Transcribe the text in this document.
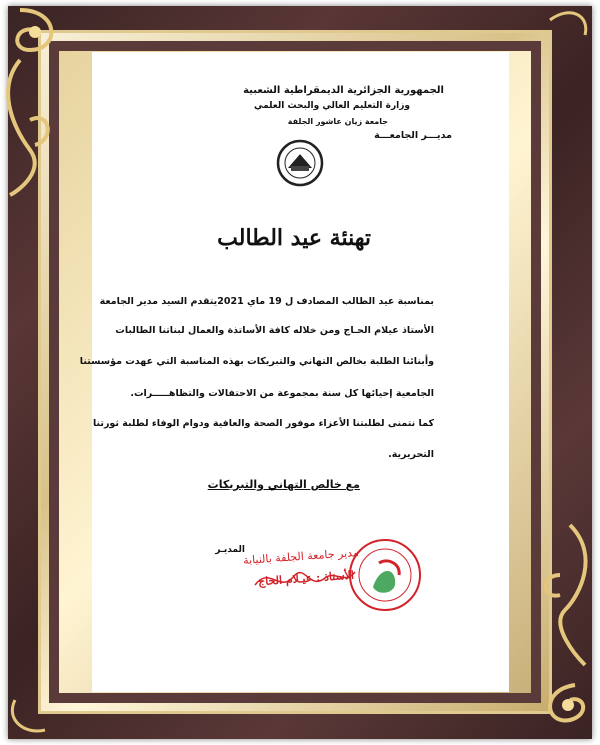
الجمهورية الجزائرية الديمقراطية الشعبية
وزارة التعليم العالي والبحث العلمي
جامعة زيان عاشور الجلفة
مديـــر الجامعـــة
تهنئة عيد الطالب
بمناسبة عيد الطالب المصادف ل 19 ماي 2021يتقدم السيد مدير الجامعة
الأستاذ عيلام الحـاج ومن خلاله كافة الأساتذة والعمال لبناتنا الطالبات
وأبنائنا الطلبة بخالص التهاني والتبريكات بهذه المناسبة التي عهدت مؤسستنا
الجامعية إحيائها كل سنة بمجموعة من الاحتفالات والتظاهـــــرات.
كما نتمنى لطلبتنا الأعزاء موفور الصحة والعافية ودوام الوفاء لطلبة ثورتنا
التحريرية.
مع خالص التهاني والتبريكات
المديـر
مدير جامعة الجلفة بالنيابة
الأستاذ : عيـلام الحاج
